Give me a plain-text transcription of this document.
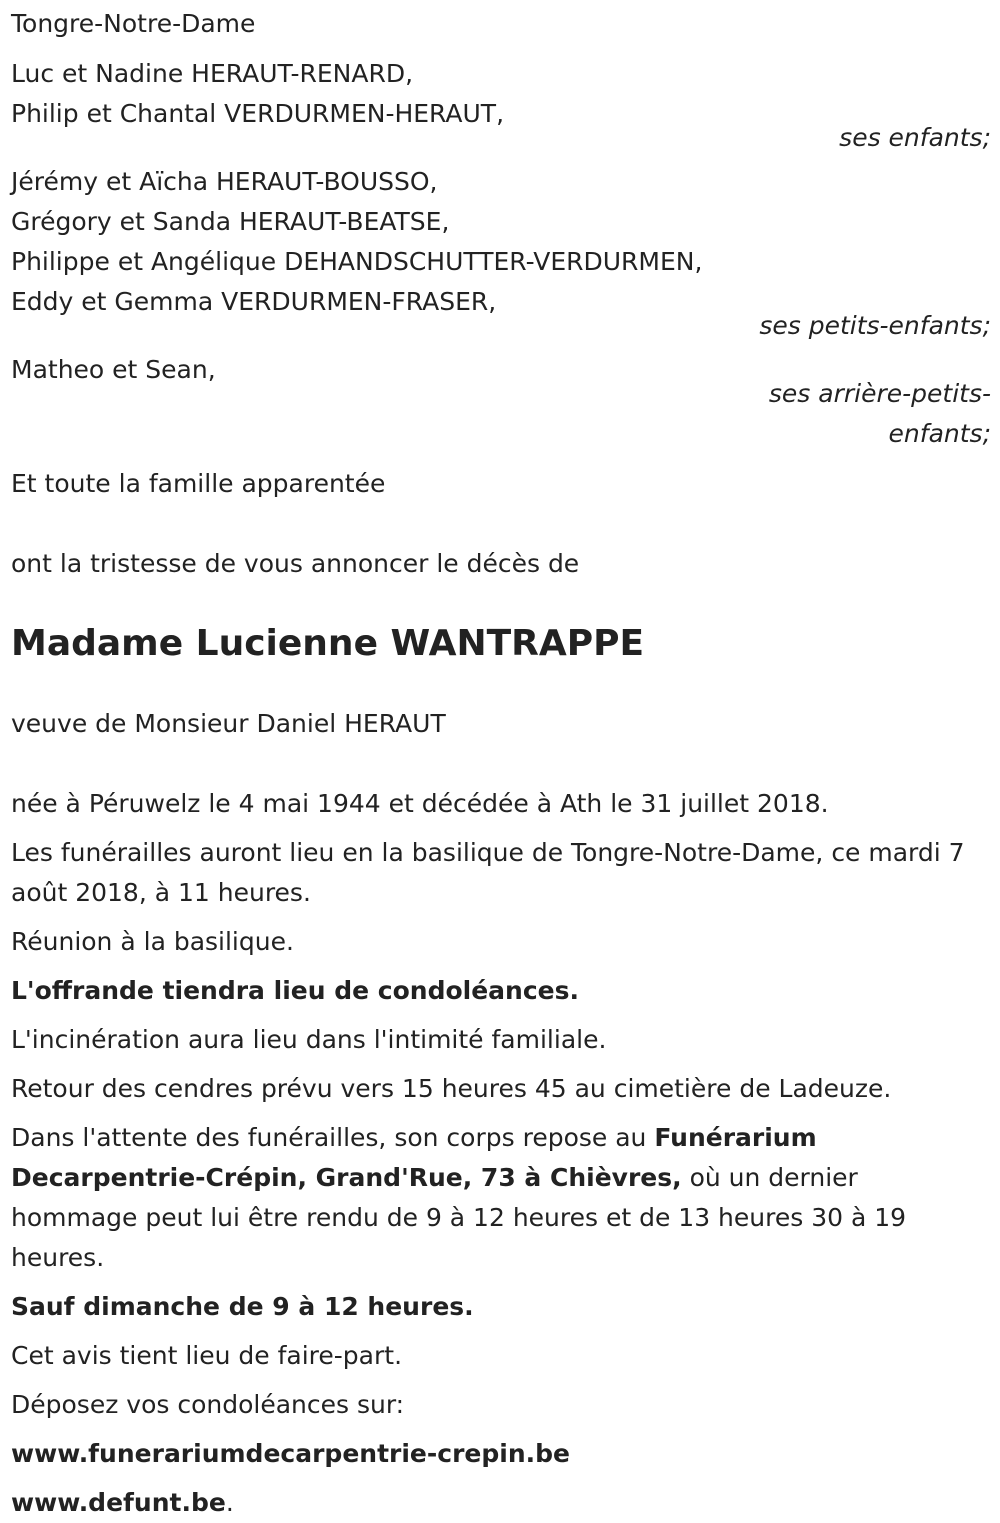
Tongre-Notre-Dame
Luc et Nadine HERAUT-RENARD,
Philip et Chantal VERDURMEN-HERAUT,
ses enfants;
Jérémy et Aïcha HERAUT-BOUSSO,
Grégory et Sanda HERAUT-BEATSE,
Philippe et Angélique DEHANDSCHUTTER-VERDURMEN,
Eddy et Gemma VERDURMEN-FRASER,
ses petits-enfants;
Matheo et Sean,
ses arrière-petits-
enfants;
Et toute la famille apparentée
ont la tristesse de vous annoncer le décès de
Madame Lucienne WANTRAPPE
veuve de Monsieur Daniel HERAUT
née à Péruwelz le 4 mai 1944 et décédée à Ath le 31 juillet 2018.
Les funérailles auront lieu en la basilique de Tongre-Notre-Dame, ce mardi 7 août 2018, à 11 heures.
Réunion à la basilique.
L'offrande tiendra lieu de condoléances.
L'incinération aura lieu dans l'intimité familiale.
Retour des cendres prévu vers 15 heures 45 au cimetière de Ladeuze.
Dans l'attente des funérailles, son corps repose au Funérarium Decarpentrie-Crépin, Grand'Rue, 73 à Chièvres, où un dernier hommage peut lui être rendu de 9 à 12 heures et de 13 heures 30 à 19 heures.
Sauf dimanche de 9 à 12 heures.
Cet avis tient lieu de faire-part.
Déposez vos condoléances sur:
www.funerariumdecarpentrie-crepin.be
www.defunt.be.
